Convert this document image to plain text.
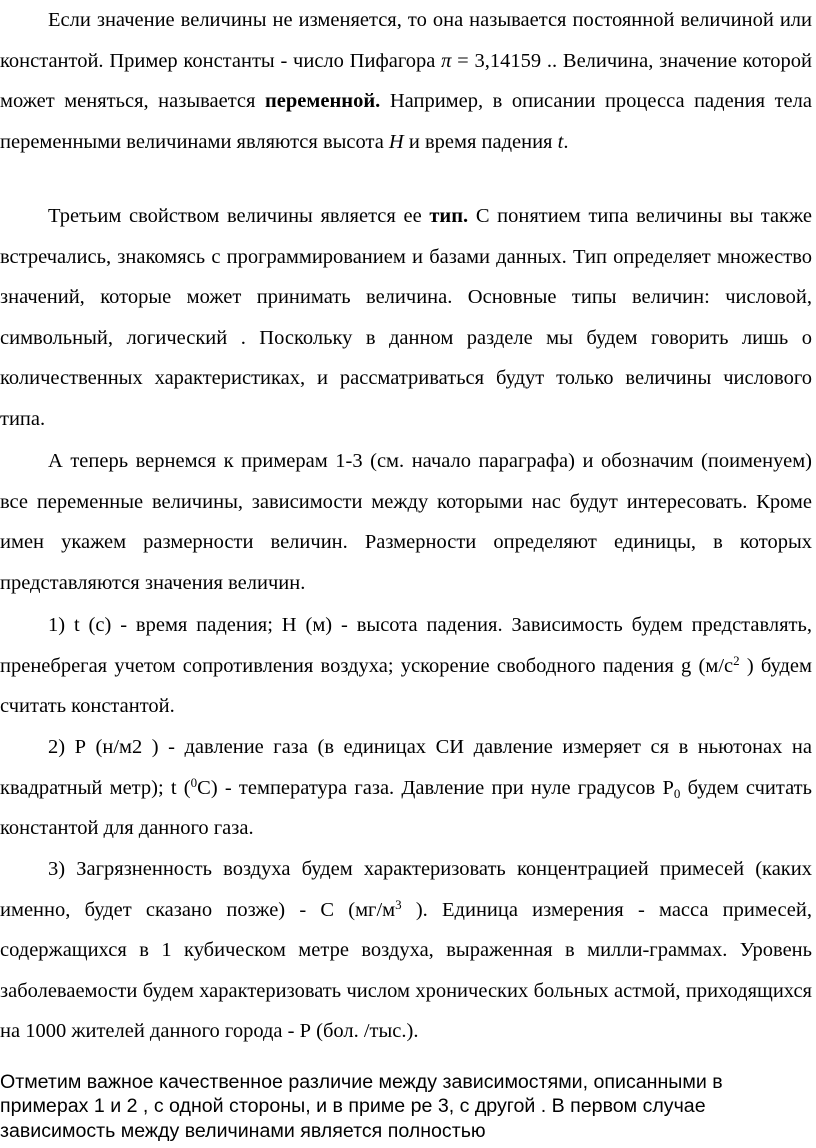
Если значение величины не изменяется, то она называется постоянной величиной или константой. Пример константы - число Пифагора π = 3,14159 .. Величина, значение которой может меняться, называется переменной. Например, в описании процесса падения тела переменными величинами являются высота H и время падения t.

Третьим свойством величины является ее тип. С понятием типа величины вы также встречались, знакомясь с программированием и базами данных. Тип определяет множество значений, которые может принимать величина. Основные типы величин: числовой, символьный, логический . Поскольку в данном разделе мы будем говорить лишь о количественных характеристиках, и рассматриваться будут только величины числового типа.

А теперь вернемся к примерам 1-3 (см. начало параграфа) и обозначим (поименуем) все переменные величины, зависимости между которыми нас будут интересовать. Кроме имен укажем размерности величин. Размерности определяют единицы, в которых представляются значения величин.

1) t (с) - время падения; Н (м) - высота падения. Зависимость будем представлять, пренебрегая учетом сопротивления воздуха; ускорение свободного падения g ($м/с^2$ ) будем считать константой.

2) Р (н/м2 ) - давление газа (в единицах СИ давление измеряет ся в ньютонах на квадратный метр); t ($^0$С) - температура газа. Давление при нуле градусов $Р_0$ будем считать константой для данного газа.

3) Загрязненность воздуха будем характеризовать концентрацией примесей (каких именно, будет сказано позже) - С ($мг/м^3$ ). Единица измерения - масса примесей, содержащихся в 1 кубическом метре воздуха, выраженная в милли-граммах. Уровень заболеваемости будем характеризовать числом хронических больных астмой, приходящихся на 1000 жителей данного города - Р (бол. /тыс.).

Отметим важное качественное различие между зависимостями, описанными в примерах 1 и 2 , с одной стороны, и в приме ре 3, с другой . В первом случае зависимость между величинами является полностью
